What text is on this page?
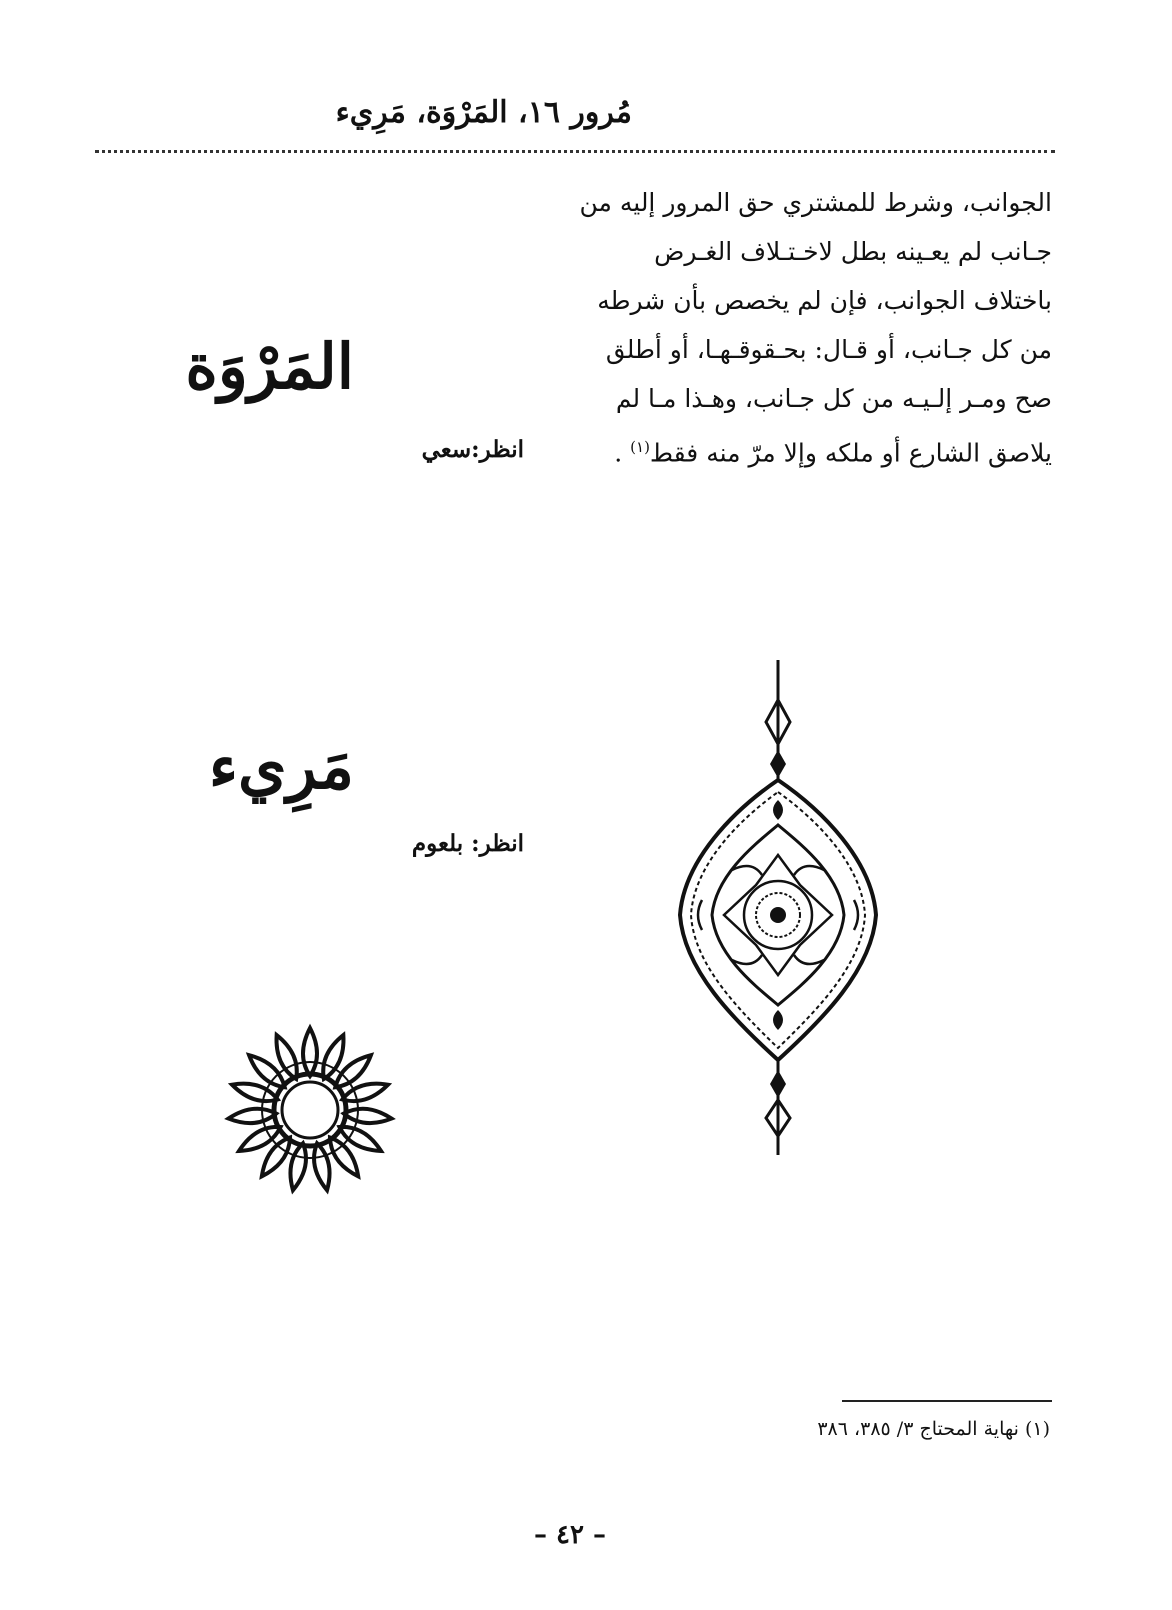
مُرور ١٦، المَرْوَة، مَرِيء
الجوانب، وشرط للمشتري حق المرور إليه من
جـانب لم يعـينه بطل لاخـتـلاف الغـرض
باختلاف الجوانب، فإن لم يخصص بأن شرطه
من كل جـانب، أو قـال: بحـقوقـهـا، أو أطلق
صح ومـر إلـيـه من كل جـانب، وهـذا مـا لم
يلاصق الشارع أو ملكه وإلا مرّ منه فقط$^{(١)}$ .
المَرْوَة
انظر:سعي
مَرِيء
انظر: بلعوم
(١) نهاية المحتاج ٣/ ٣٨٥، ٣٨٦
– ٤٢ –
